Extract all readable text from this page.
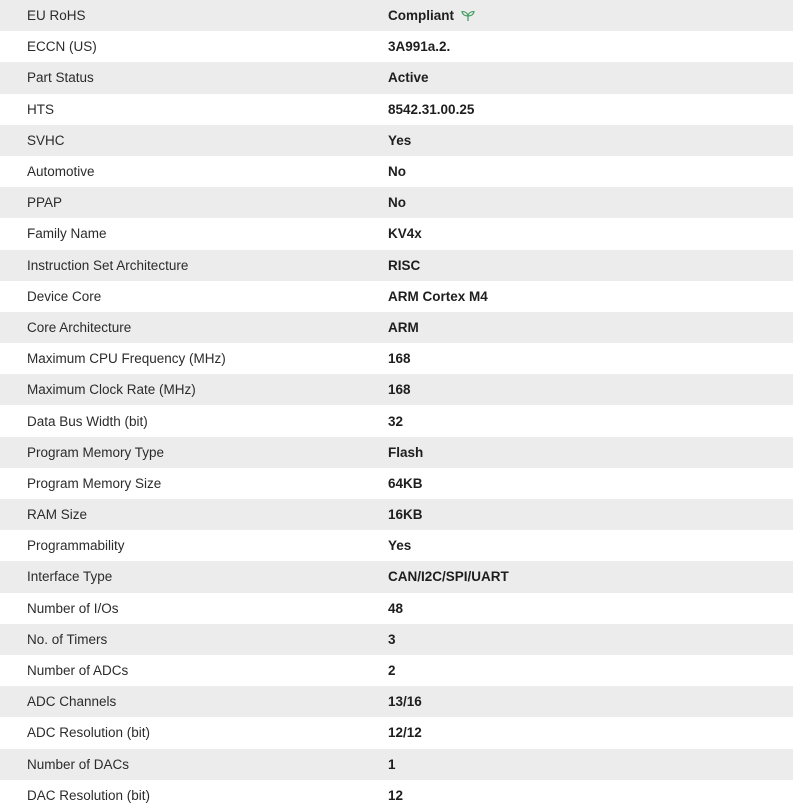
EU RoHS	Compliant
ECCN (US)	3A991a.2.
Part Status	Active
HTS	8542.31.00.25
SVHC	Yes
Automotive	No
PPAP	No
Family Name	KV4x
Instruction Set Architecture	RISC
Device Core	ARM Cortex M4
Core Architecture	ARM
Maximum CPU Frequency (MHz)	168
Maximum Clock Rate (MHz)	168
Data Bus Width (bit)	32
Program Memory Type	Flash
Program Memory Size	64KB
RAM Size	16KB
Programmability	Yes
Interface Type	CAN/I2C/SPI/UART
Number of I/Os	48
No. of Timers	3
Number of ADCs	2
ADC Channels	13/16
ADC Resolution (bit)	12/12
Number of DACs	1
DAC Resolution (bit)	12
